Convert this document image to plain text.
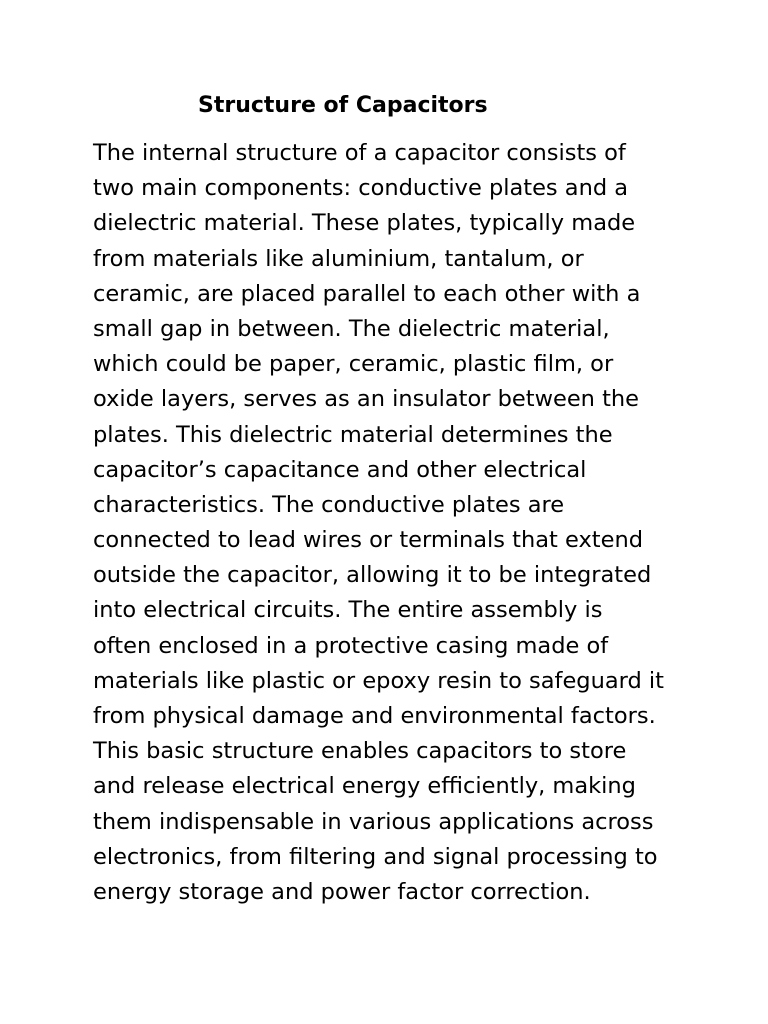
Structure of Capacitors
The internal structure of a capacitor consists of
two main components: conductive plates and a
dielectric material. These plates, typically made
from materials like aluminium, tantalum, or
ceramic, are placed parallel to each other with a
small gap in between. The dielectric material,
which could be paper, ceramic, plastic film, or
oxide layers, serves as an insulator between the
plates. This dielectric material determines the
capacitor’s capacitance and other electrical
characteristics. The conductive plates are
connected to lead wires or terminals that extend
outside the capacitor, allowing it to be integrated
into electrical circuits. The entire assembly is
often enclosed in a protective casing made of
materials like plastic or epoxy resin to safeguard it
from physical damage and environmental factors.
This basic structure enables capacitors to store
and release electrical energy efficiently, making
them indispensable in various applications across
electronics, from filtering and signal processing to
energy storage and power factor correction.
